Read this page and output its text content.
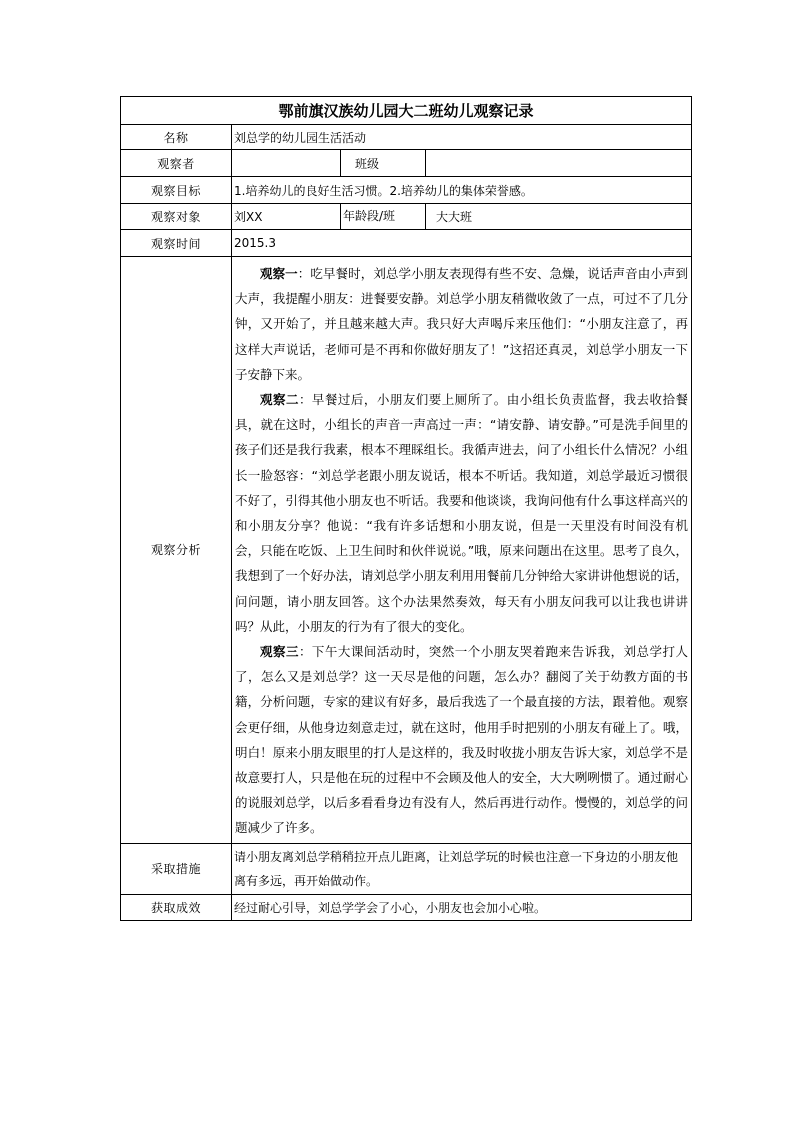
鄂前旗汉族幼儿园大二班幼儿观察记录			
名称	刘总学的幼儿园生活活动		
观察者		班级	
观察目标	1.培养幼儿的良好生活习惯。2.培养幼儿的集体荣誉感。		
观察对象	刘XX	年龄段/班	大大班
观察时间	2015.3		
观察分析	观察一：吃早餐时，刘总学小朋友表现得有些不安、急燥，说话声音由小声到大声，我提醒小朋友：进餐要安静。刘总学小朋友稍微收敛了一点，可过不了几分钟，又开始了，并且越来越大声。我只好大声喝斥来压他们：“小朋友注意了，再这样大声说话，老师可是不再和你做好朋友了！”这招还真灵，刘总学小朋友一下子安静下来。

观察二：早餐过后，小朋友们要上厕所了。由小组长负责监督，我去收拾餐具，就在这时，小组长的声音一声高过一声：“请安静、请安静。”可是洗手间里的孩子们还是我行我素，根本不理睬组长。我循声进去，问了小组长什么情况？小组长一脸怒容：“刘总学老跟小朋友说话，根本不听话。我知道，刘总学最近习惯很不好了，引得其他小朋友也不听话。我要和他谈谈，我询问他有什么事这样高兴的和小朋友分享？他说：“我有许多话想和小朋友说，但是一天里没有时间没有机会，只能在吃饭、上卫生间时和伙伴说说。”哦，原来问题出在这里。思考了良久，我想到了一个好办法，请刘总学小朋友利用用餐前几分钟给大家讲讲他想说的话，问问题，请小朋友回答。这个办法果然奏效，每天有小朋友问我可以让我也讲讲吗？从此，小朋友的行为有了很大的变化。

观察三：下午大课间活动时，突然一个小朋友哭着跑来告诉我，刘总学打人了，怎么又是刘总学？这一天尽是他的问题，怎么办？翻阅了关于幼教方面的书籍，分析问题，专家的建议有好多，最后我选了一个最直接的方法，跟着他。观察会更仔细，从他身边刻意走过，就在这时，他用手时把别的小朋友有碰上了。哦，明白！原来小朋友眼里的打人是这样的，我及时收拢小朋友告诉大家，刘总学不是故意要打人，只是他在玩的过程中不会顾及他人的安全，大大咧咧惯了。通过耐心的说服刘总学，以后多看看身边有没有人，然后再进行动作。慢慢的，刘总学的问题减少了许多。		

采取措施	请小朋友离刘总学稍稍拉开点儿距离，让刘总学玩的时候也注意一下身边的小朋友他离有多远，再开始做动作。		
获取成效	经过耐心引导，刘总学学会了小心，小朋友也会加小心啦。		
